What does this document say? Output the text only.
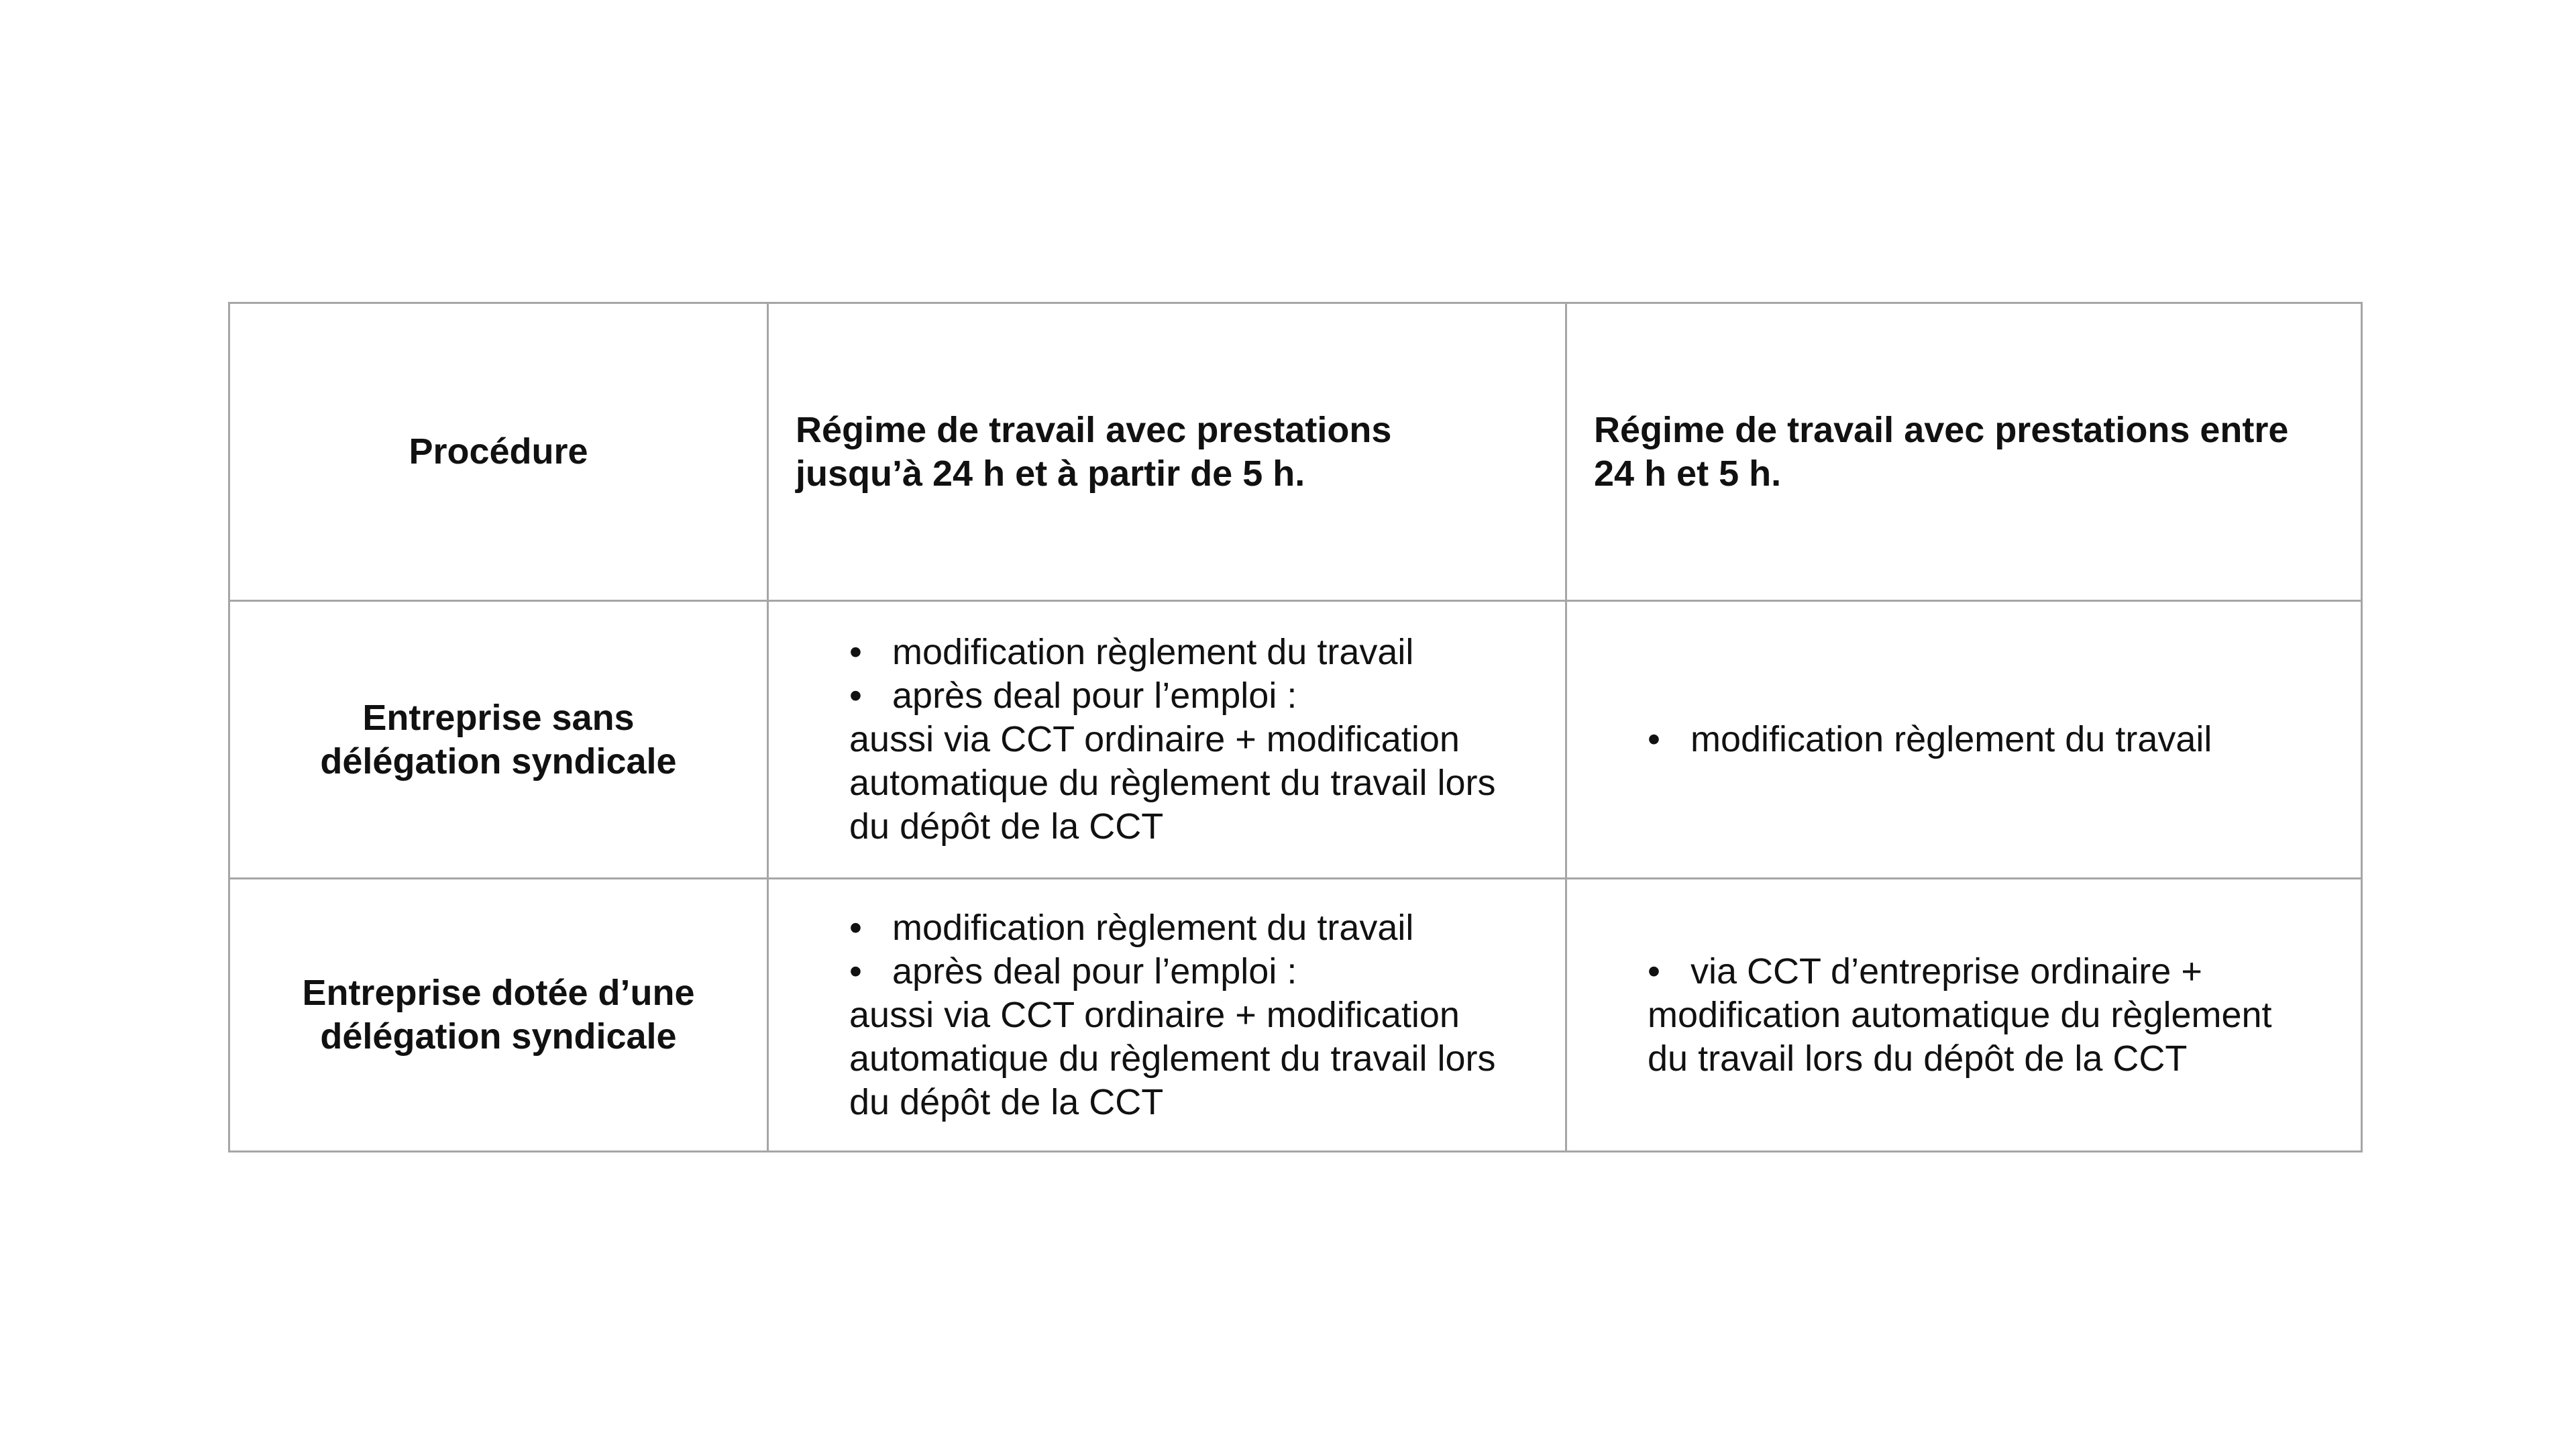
Procédure
Régime de travail avec prestations jusqu’à 24 h et à partir de 5 h.
Régime de travail avec prestations entre 24 h et 5 h.
Entreprise sans délégation syndicale
• modification règlement du travail
• après deal pour l’emploi :
aussi via CCT ordinaire + modification automatique du règlement du travail lors du dépôt de la CCT
• modification règlement du travail
Entreprise dotée d’une délégation syndicale
• modification règlement du travail
• après deal pour l’emploi :
aussi via CCT ordinaire + modification automatique du règlement du travail lors du dépôt de la CCT
• via CCT d’entreprise ordinaire +
modification automatique du règlement du travail lors du dépôt de la CCT
